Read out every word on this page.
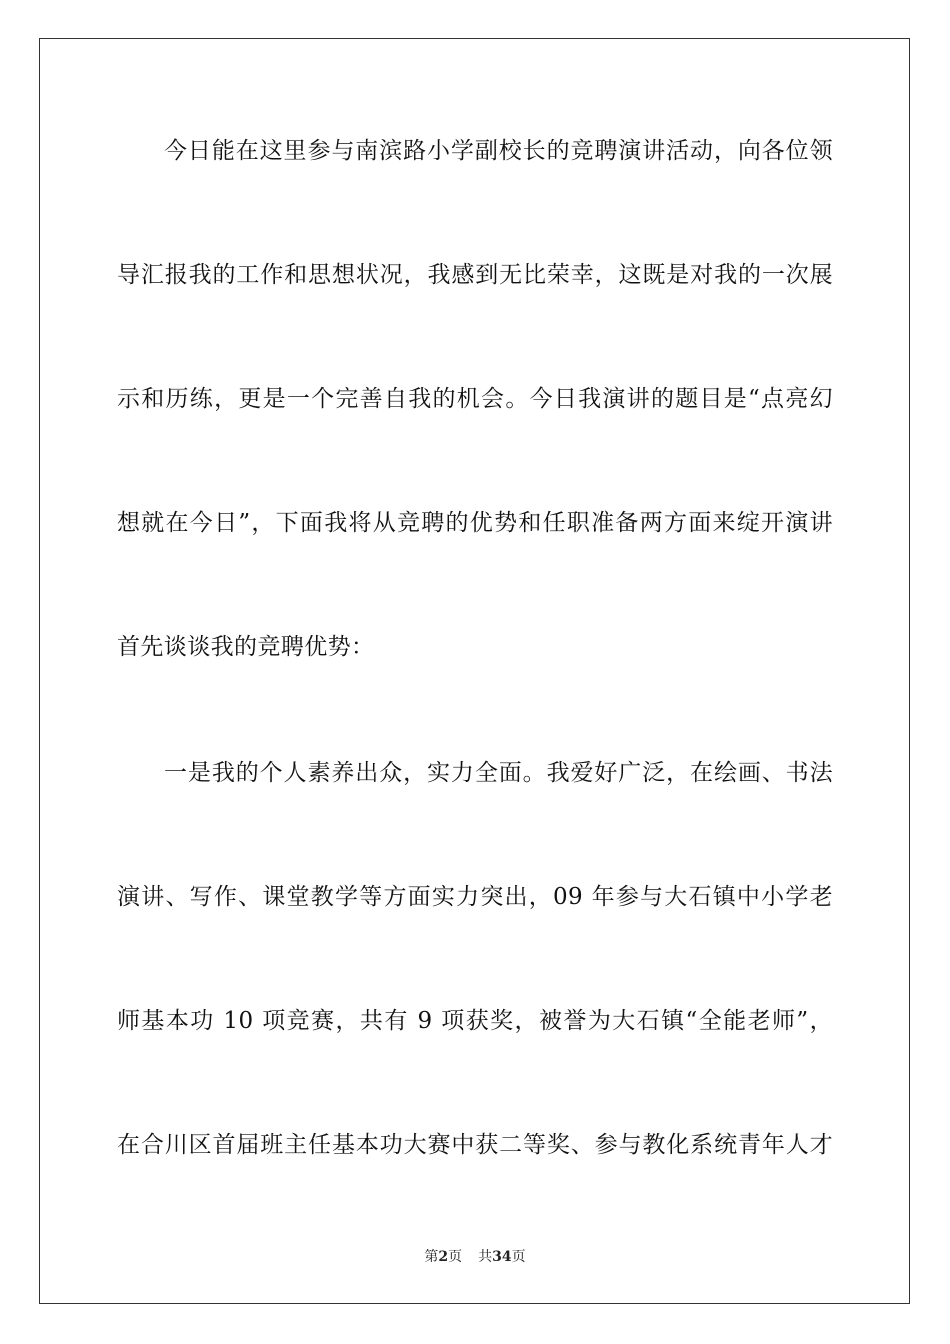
今日能在这里参与南滨路小学副校长的竞聘演讲活动，向各位领
导汇报我的工作和思想状况，我感到无比荣幸，这既是对我的一次展
示和历练，更是一个完善自我的机会。今日我演讲的题目是“点亮幻
想就在今日”，下面我将从竞聘的优势和任职准备两方面来绽开演讲
首先谈谈我的竞聘优势：
一是我的个人素养出众，实力全面。我爱好广泛，在绘画、书法
演讲、写作、课堂教学等方面实力突出，09 年参与大石镇中小学老
师基本功 10 项竞赛，共有 9 项获奖，被誉为大石镇“全能老师”，
在合川区首届班主任基本功大赛中获二等奖、参与教化系统青年人才
第2页 共34页
